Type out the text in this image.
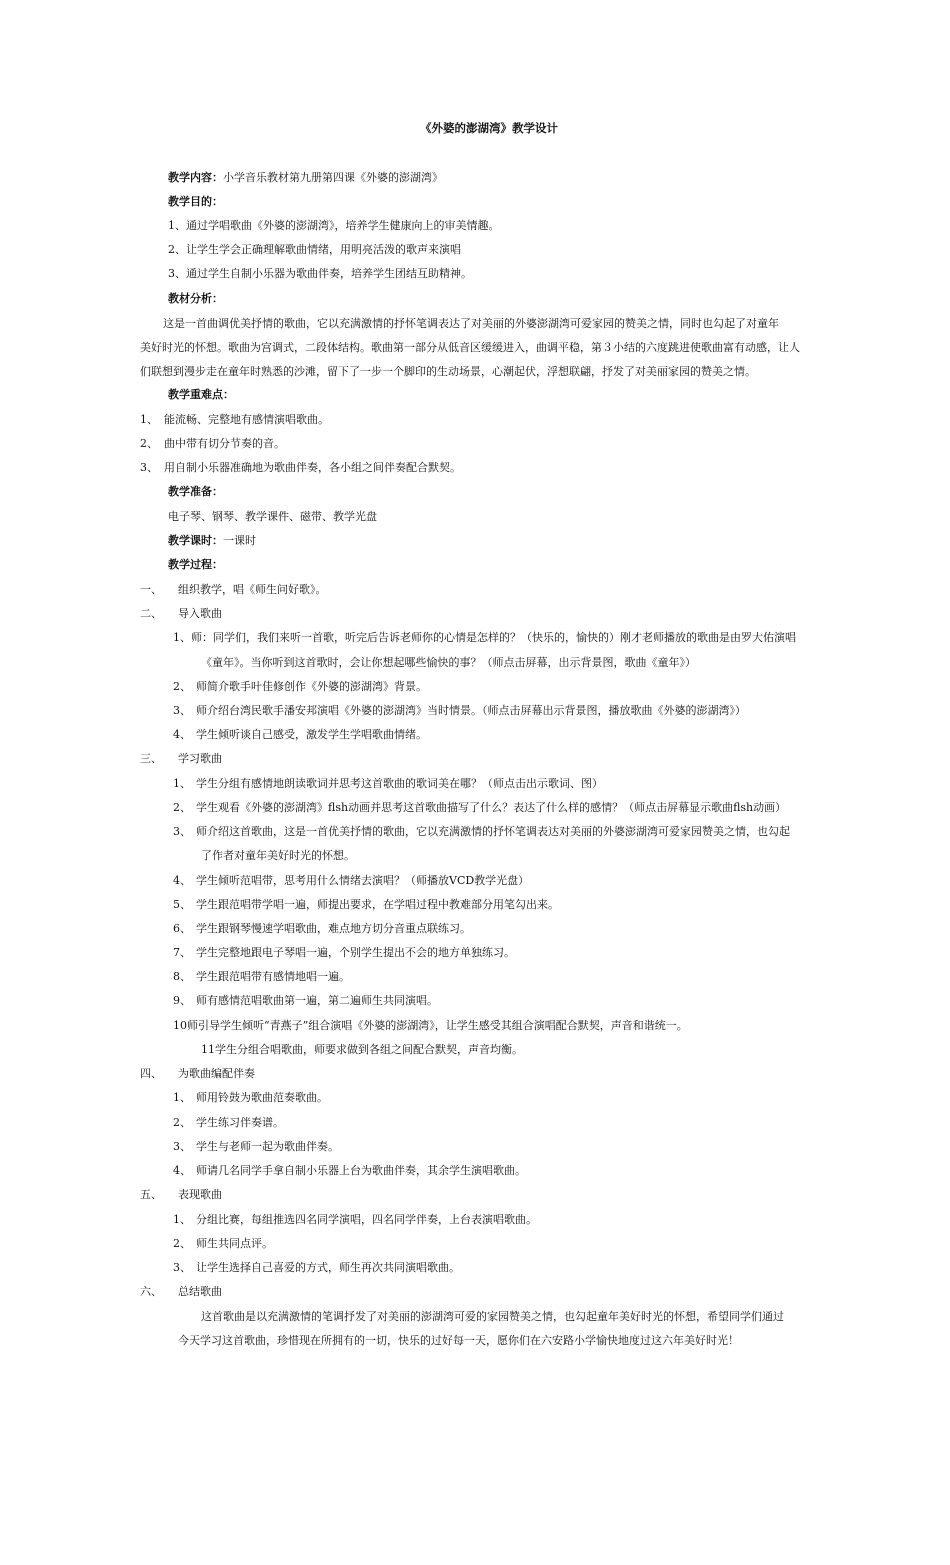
《外婆的澎湖湾》教学设计
教学内容：小学音乐教材第九册第四课《外婆的澎湖湾》
教学目的：
1、通过学唱歌曲《外婆的澎湖湾》，培养学生健康向上的审美情趣。
2、让学生学会正确理解歌曲情绪，用明亮活泼的歌声来演唱
3、通过学生自制小乐器为歌曲伴奏，培养学生团结互助精神。
教材分析：
这是一首曲调优美抒情的歌曲，它以充满激情的抒怀笔调表达了对美丽的外婆澎湖湾可爱家园的赞美之情，同时也勾起了对童年
美好时光的怀想。歌曲为宫调式，二段体结构。歌曲第一部分从低音区缓缓进入，曲调平稳，第３小结的六度跳进使歌曲富有动感，让人
们联想到漫步走在童年时熟悉的沙滩，留下了一步一个脚印的生动场景，心潮起伏，浮想联翩，抒发了对美丽家园的赞美之情。
教学重难点：
1、 能流畅、完整地有感情演唱歌曲。
2、 曲中带有切分节奏的音。
3、 用自制小乐器准确地为歌曲伴奏，各小组之间伴奏配合默契。
教学准备：
电子琴、钢琴、教学课件、磁带、教学光盘
教学课时：一课时
教学过程：
一、 组织教学，唱《师生问好歌》。
二、 导入歌曲
1、师：同学们，我们来听一首歌，听完后告诉老师你的心情是怎样的？（快乐的，愉快的）刚才老师播放的歌曲是由罗大佑演唱
《童年》。当你听到这首歌时，会让你想起哪些愉快的事？（师点击屏幕，出示背景图，歌曲《童年》）
2、 师简介歌手叶佳修创作《外婆的澎湖湾》背景。
3、 师介绍台湾民歌手潘安邦演唱《外婆的澎湖湾》当时情景。（师点击屏幕出示背景图，播放歌曲《外婆的澎湖湾》）
4、 学生倾听谈自己感受，激发学生学唱歌曲情绪。
三、 学习歌曲
1、 学生分组有感情地朗读歌词并思考这首歌曲的歌词美在哪？（师点击出示歌词、图）
2、 学生观看《外婆的澎湖湾》flsh动画并思考这首歌曲描写了什么？表达了什么样的感情？（师点击屏幕显示歌曲flsh动画）
3、 师介绍这首歌曲，这是一首优美抒情的歌曲，它以充满激情的抒怀笔调表达对美丽的外婆澎湖湾可爱家园赞美之情，也勾起
了作者对童年美好时光的怀想。
4、 学生倾听范唱带，思考用什么情绪去演唱？（师播放VCD教学光盘）
5、 学生跟范唱带学唱一遍，师提出要求，在学唱过程中教难部分用笔勾出来。
6、 学生跟钢琴慢速学唱歌曲，难点地方切分音重点联练习。
7、 学生完整地跟电子琴唱一遍，个别学生提出不会的地方单独练习。
8、 学生跟范唱带有感情地唱一遍。
9、 师有感情范唱歌曲第一遍，第二遍师生共同演唱。
10师引导学生倾听“青燕子”组合演唱《外婆的澎湖湾》，让学生感受其组合演唱配合默契，声音和谐统一。
11学生分组合唱歌曲，师要求做到各组之间配合默契，声音均衡。
四、 为歌曲编配伴奏
1、 师用铃鼓为歌曲范奏歌曲。
2、 学生练习伴奏谱。
3、 学生与老师一起为歌曲伴奏。
4、 师请几名同学手拿自制小乐器上台为歌曲伴奏，其余学生演唱歌曲。
五、 表现歌曲
1、 分组比赛，每组推选四名同学演唱，四名同学伴奏，上台表演唱歌曲。
2、 师生共同点评。
3、 让学生选择自己喜爱的方式，师生再次共同演唱歌曲。
六、 总结歌曲
这首歌曲是以充满激情的笔调抒发了对美丽的澎湖湾可爱的家园赞美之情，也勾起童年美好时光的怀想，希望同学们通过
今天学习这首歌曲，珍惜现在所拥有的一切，快乐的过好每一天，愿你们在六安路小学愉快地度过这六年美好时光！
